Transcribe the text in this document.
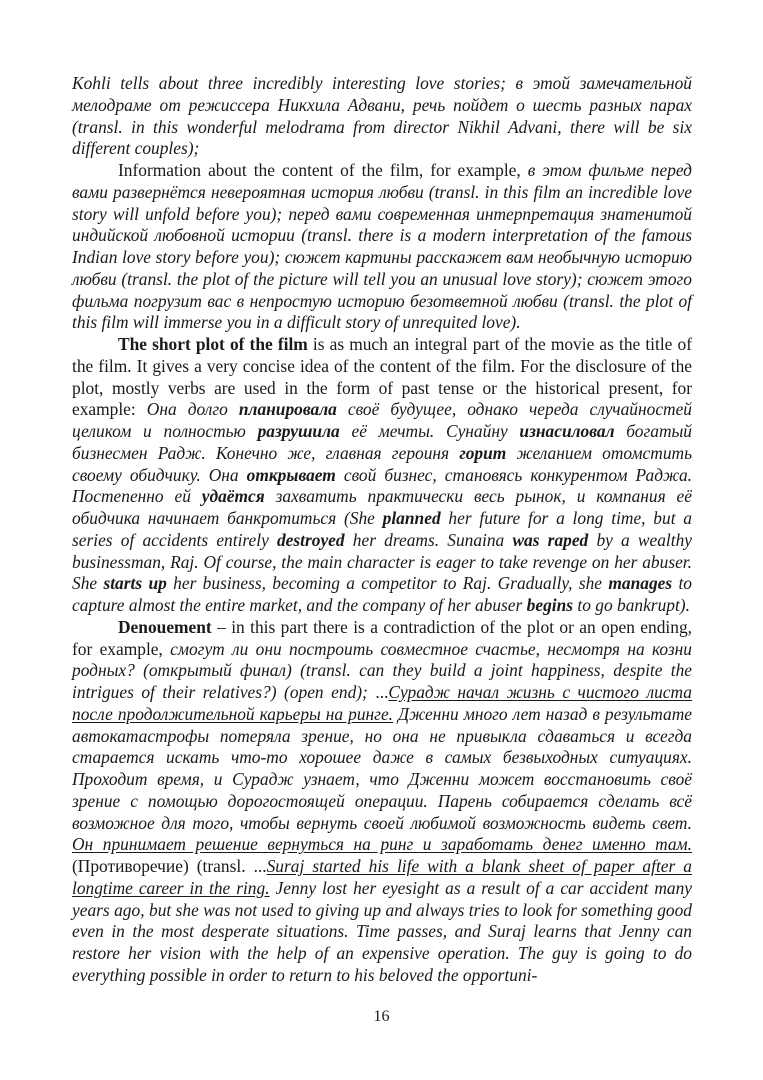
Kohli tells about three incredibly interesting love stories; в этой замечательной мелодраме от режиссера Никхила Адвани, речь пойдет о шесть разных парах (transl. in this wonderful melodrama from director Nikhil Advani, there will be six different couples);

Information about the content of the film, for example, в этом фильме перед вами развернётся невероятная история любви (transl. in this film an incredible love story will unfold before you); перед вами современная интерпретация знаmенитой индийской любовной истории (transl. there is a modern interpretation of the famous Indian love story before you); сюжет картины расскажет вам необычную историю любви (transl. the plot of the picture will tell you an unusual love story); сюжет этого фильма погрузит вас в непростую историю безответной любви (transl. the plot of this film will immerse you in a difficult story of unrequited love).

The short plot of the film is as much an integral part of the movie as the title of the film. It gives a very concise idea of the content of the film. For the disclosure of the plot, mostly verbs are used in the form of past tense or the historical present, for example: Она долго планировала своё будущее, однако череда случайностей целиком и полностью разрушила её мечты. Сунайну изнасиловал богатый бизнесмен Радж. Конечно же, главная героиня горит желанием отомстить своему обидчику. Она открывает свой бизнес, становясь конкурентом Раджа. Постепенно ей удаётся захватить практически весь рынок, и компания её обидчика начинает банкротиться (She planned her future for a long time, but a series of accidents entirely destroyed her dreams. Sunaina was raped by a wealthy businessman, Raj. Of course, the main character is eager to take revenge on her abuser. She starts up her business, becoming a competitor to Raj. Gradually, she manages to capture almost the entire market, and the company of her abuser begins to go bankrupt).

Denouement – in this part there is a contradiction of the plot or an open ending, for example, смогут ли они построить совместное счастье, несмотря на козни родных? (открытый финал) (transl. can they build a joint happiness, despite the intrigues of their relatives?) (open end); ...Сурадж начал жизнь с чистого листа после продолжительной карьеры на ринге. Дженни много лет назад в результате автокатастрофы потеряла зрение, но она не привыкла сдаваться и всегда старается искать что-то хорошее даже в самых безвыходных ситуациях. Проходит время, и Сурадж узнает, что Дженни может восстановить своё зрение с помощью дорогостоящей операции. Парень собирается сделать всё возможное для того, чтобы вернуть своей любимой возможность видеть свет. Он принимает решение вернуться на ринг и заработать денег именно там. (Противоречие) (transl. ...Suraj started his life with a blank sheet of paper after a longtime career in the ring. Jenny lost her eyesight as a result of a car accident many years ago, but she was not used to giving up and always tries to look for something good even in the most desperate situations. Time passes, and Suraj learns that Jenny can restore her vision with the help of an expensive operation. The guy is going to do everything possible in order to return to his beloved the opportuni-

16
